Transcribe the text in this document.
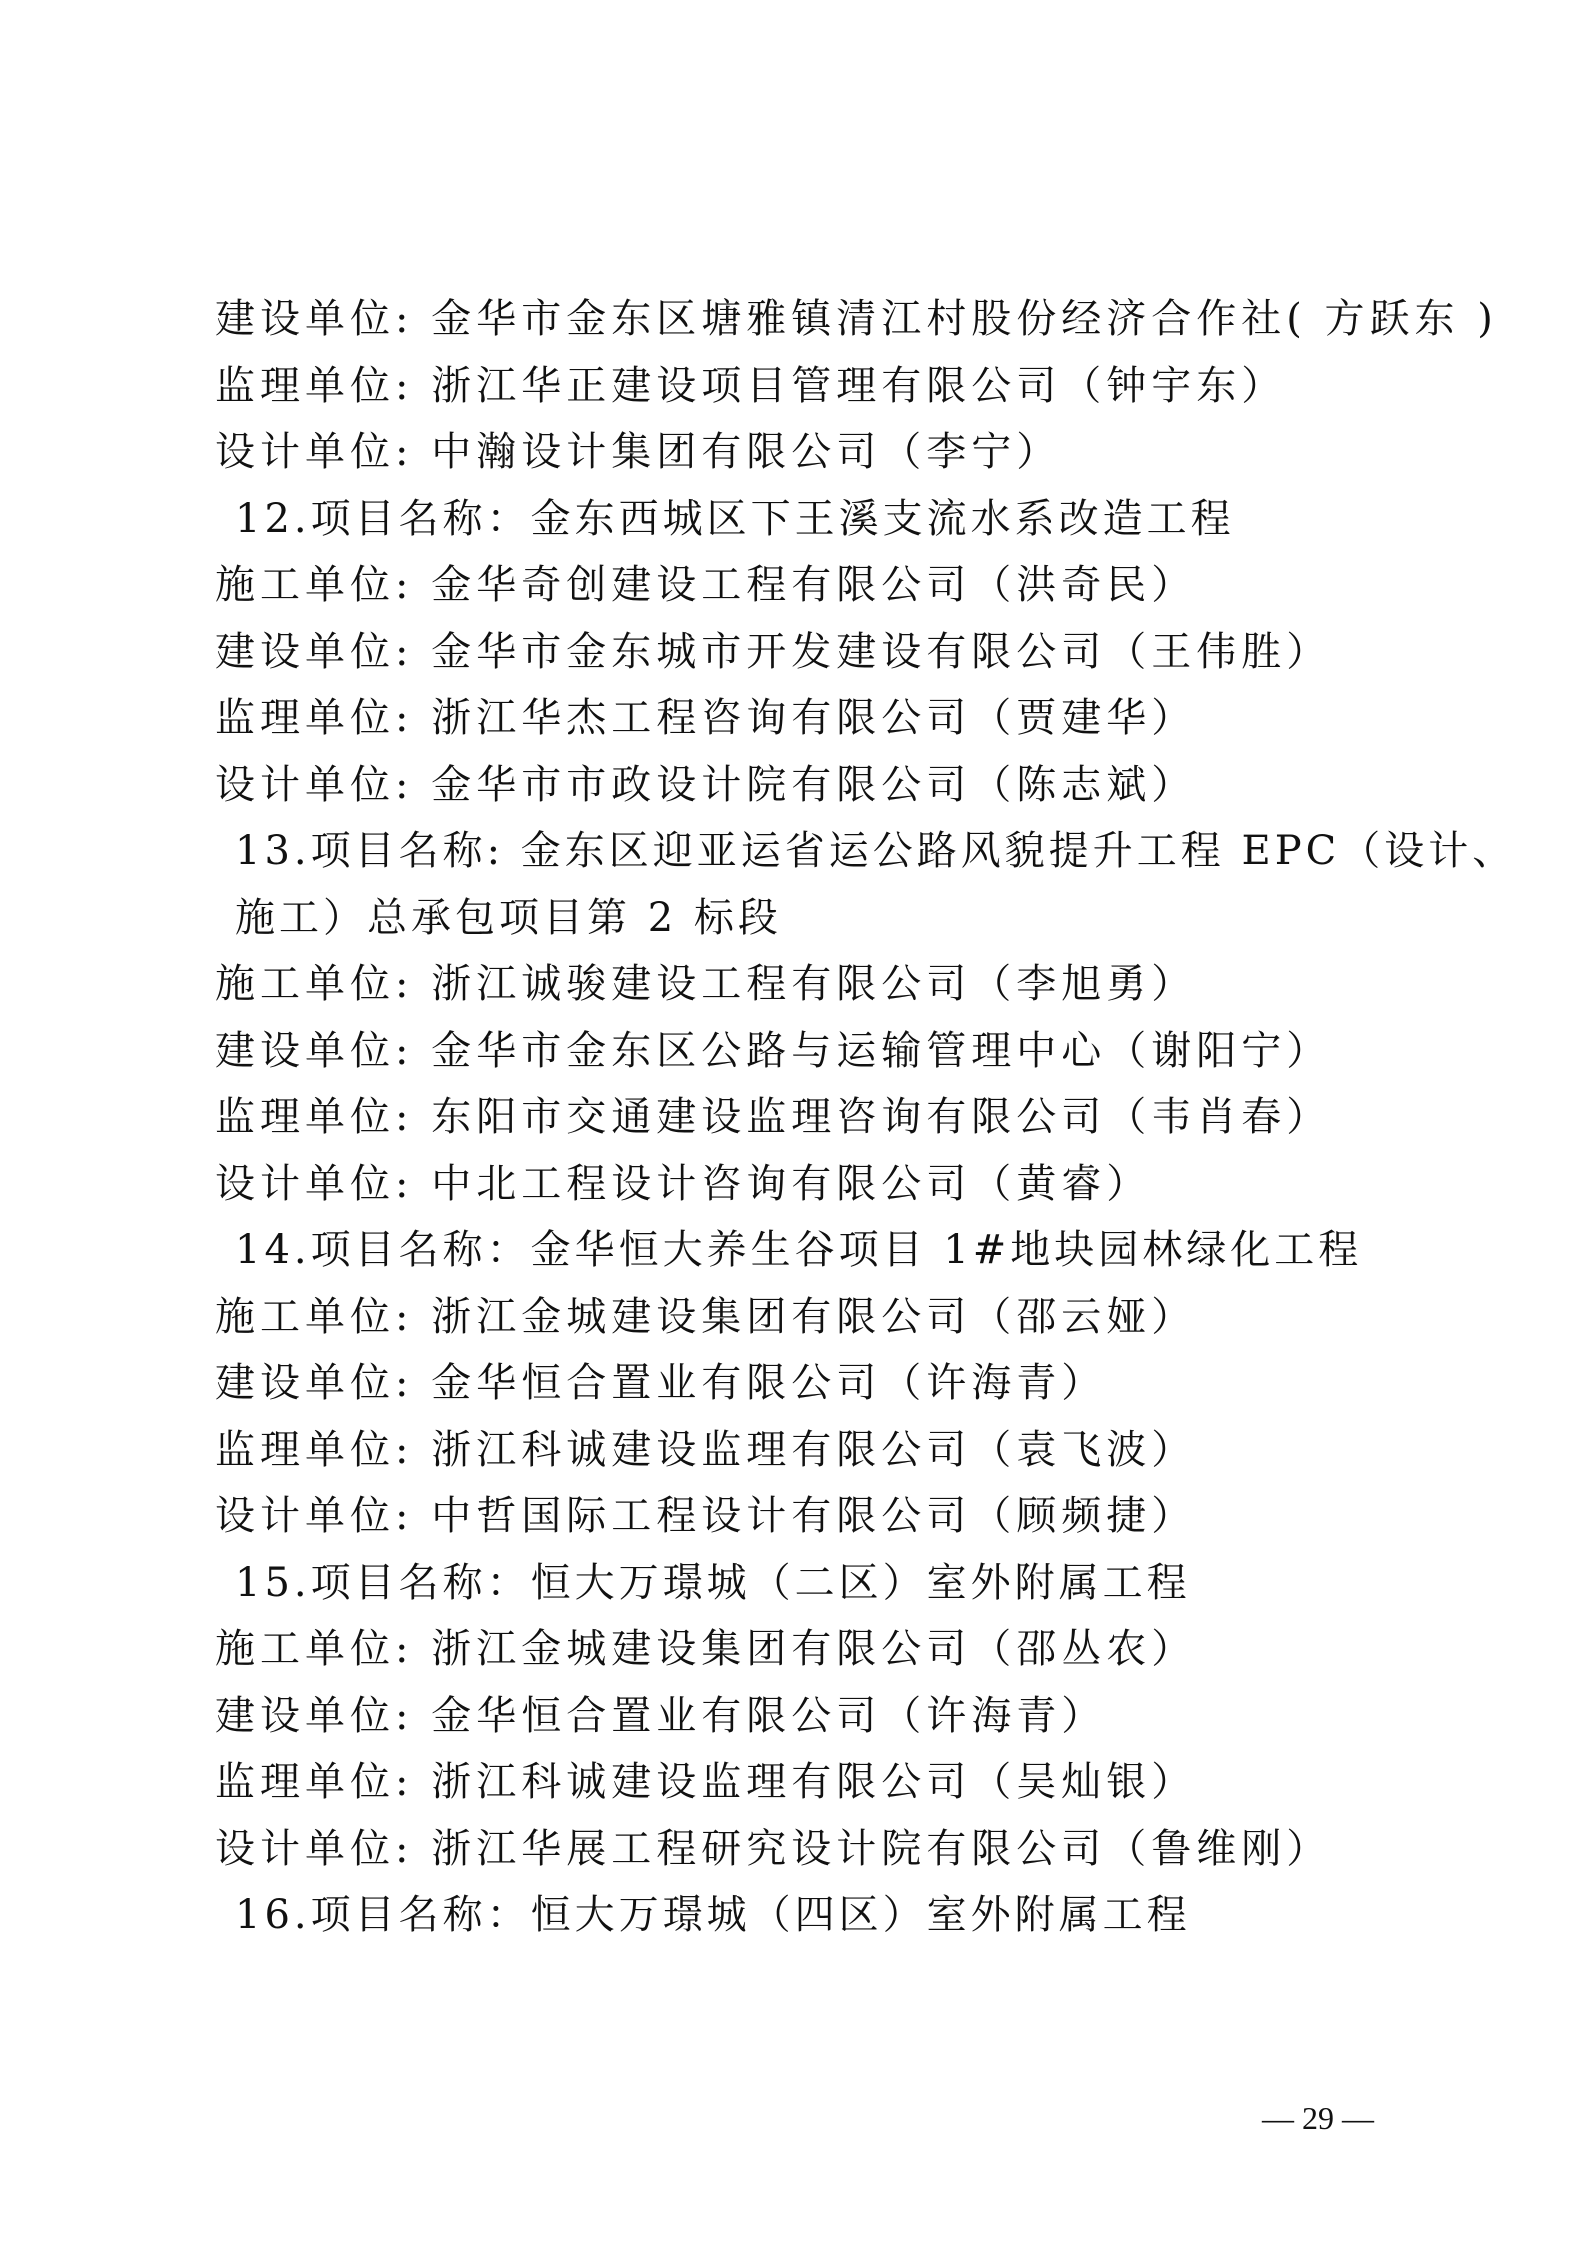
建设单位: 金华市金东区塘雅镇清江村股份经济合作社( 方跃东 )
监理单位: 浙江华正建设项目管理有限公司（钟宇东）
设计单位: 中瀚设计集团有限公司（李宁）
12.项目名称：金东西城区下王溪支流水系改造工程
施工单位: 金华奇创建设工程有限公司（洪奇民）
建设单位: 金华市金东城市开发建设有限公司（王伟胜）
监理单位: 浙江华杰工程咨询有限公司（贾建华）
设计单位: 金华市市政设计院有限公司（陈志斌）
13.项目名称: 金东区迎亚运省运公路风貌提升工程 EPC（设计、
施工）总承包项目第 2 标段
施工单位: 浙江诚骏建设工程有限公司（李旭勇）
建设单位: 金华市金东区公路与运输管理中心（谢阳宁）
监理单位: 东阳市交通建设监理咨询有限公司（韦肖春）
设计单位: 中北工程设计咨询有限公司（黄睿）
14.项目名称：金华恒大养生谷项目 1#地块园林绿化工程
施工单位: 浙江金城建设集团有限公司（邵云娅）
建设单位: 金华恒合置业有限公司（许海青）
监理单位: 浙江科诚建设监理有限公司（袁飞波）
设计单位: 中哲国际工程设计有限公司（顾频捷）
15.项目名称：恒大万璟城（二区）室外附属工程
施工单位: 浙江金城建设集团有限公司（邵丛农）
建设单位: 金华恒合置业有限公司（许海青）
监理单位: 浙江科诚建设监理有限公司（吴灿银）
设计单位: 浙江华展工程研究设计院有限公司（鲁维刚）
16.项目名称：恒大万璟城（四区）室外附属工程
— 29 —
